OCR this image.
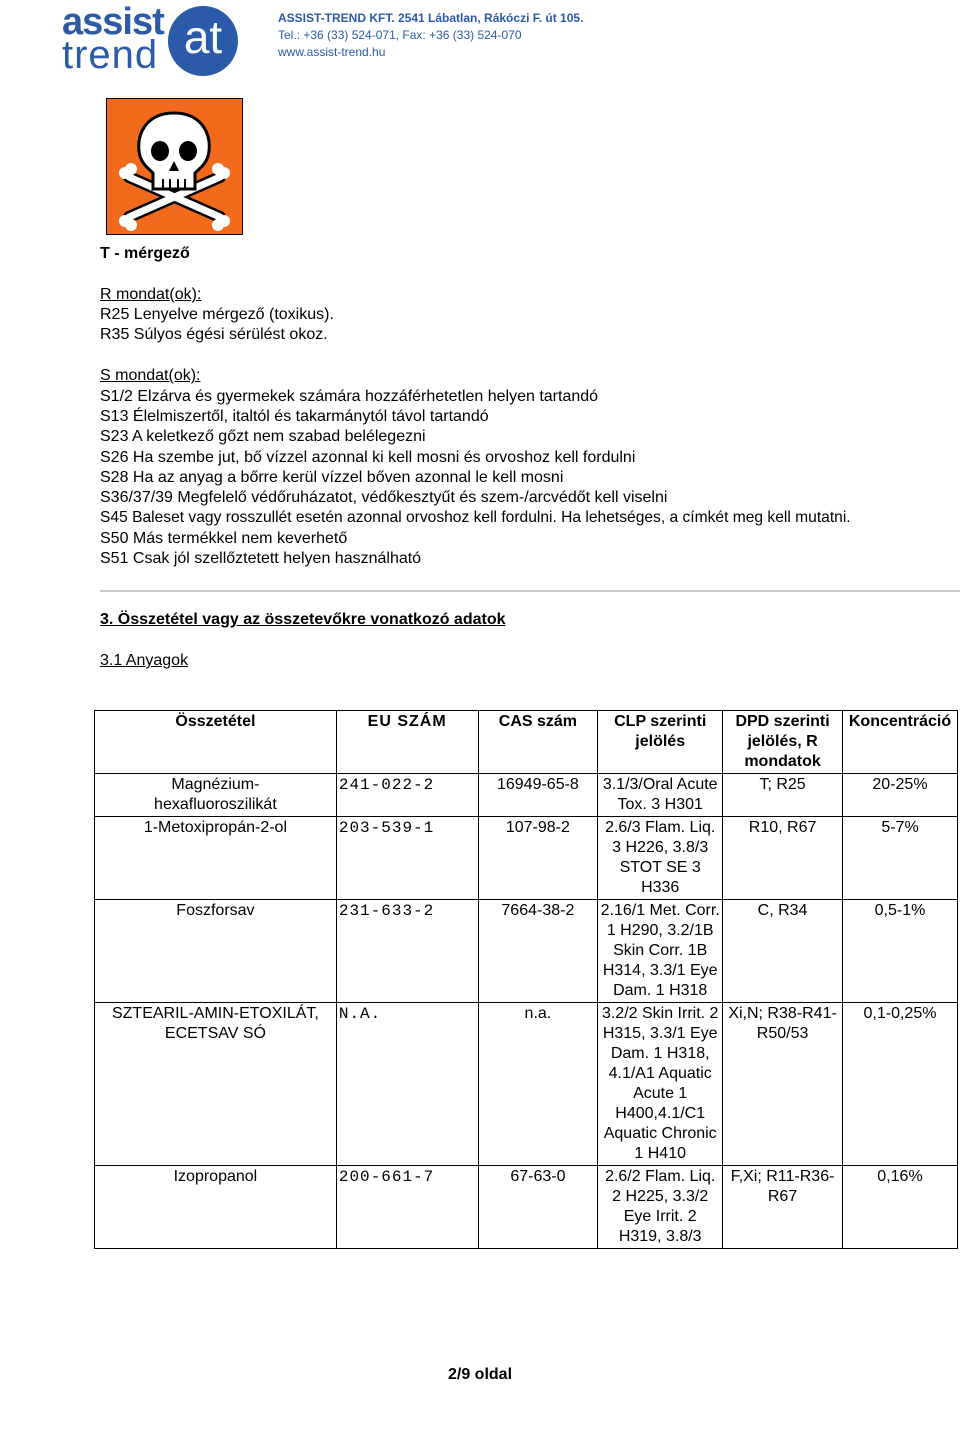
assist
trend at	ASSIST-TREND KFT. 2541 Lábatlan, Rákóczi F. út 105.
Tel.: +36 (33) 524-071, Fax: +36 (33) 524-070
www.assist-trend.hu
T - mérgező
R mondat(ok):
R25 Lenyelve mérgező (toxikus).
R35 Súlyos égési sérülést okoz.
S mondat(ok):
S1/2 Elzárva és gyermekek számára hozzáférhetetlen helyen tartandó
S13 Élelmiszertől, italtól és takarmánytól távol tartandó
S23 A keletkező gőzt nem szabad belélegezni
S26 Ha szembe jut, bő vízzel azonnal ki kell mosni és orvoshoz kell fordulni
S28 Ha az anyag a bőrre kerül vízzel bőven azonnal le kell mosni
S36/37/39 Megfelelő védőruházatot, védőkesztyűt és szem-/arcvédőt kell viselni
S45 Baleset vagy rosszullét esetén azonnal orvoshoz kell fordulni. Ha lehetséges, a címkét meg kell mutatni.
S50 Más termékkel nem keverhető
S51 Csak jól szellőztetett helyen használható
3. Összetétel vagy az összetevőkre vonatkozó adatok
3.1 Anyagok
Összetétel	EU SZÁM	CAS szám	CLP szerinti jelölés	DPD szerinti jelölés, R mondatok	Koncentráció
Magnézium-hexafluoroszilikát	241-022-2	16949-65-8	3.1/3/Oral Acute Tox. 3 H301	T; R25	20-25%
1-Metoxipropán-2-ol	203-539-1	107-98-2	2.6/3 Flam. Liq. 3 H226, 3.8/3 STOT SE 3 H336	R10, R67	5-7%
Foszforsav	231-633-2	7664-38-2	2.16/1 Met. Corr. 1 H290, 3.2/1B Skin Corr. 1B H314, 3.3/1 Eye Dam. 1 H318	C, R34	0,5-1%
SZTEARIL-AMIN-ETOXILÁT, ECETSAV SÓ	N.A.	n.a.	3.2/2 Skin Irrit. 2 H315, 3.3/1 Eye Dam. 1 H318, 4.1/A1 Aquatic Acute 1 H400,4.1/C1 Aquatic Chronic 1 H410	Xi,N; R38-R41-R50/53	0,1-0,25%
Izopropanol	200-661-7	67-63-0	2.6/2 Flam. Liq. 2 H225, 3.3/2 Eye Irrit. 2 H319, 3.8/3	F,Xi; R11-R36-R67	0,16%
2/9 oldal
